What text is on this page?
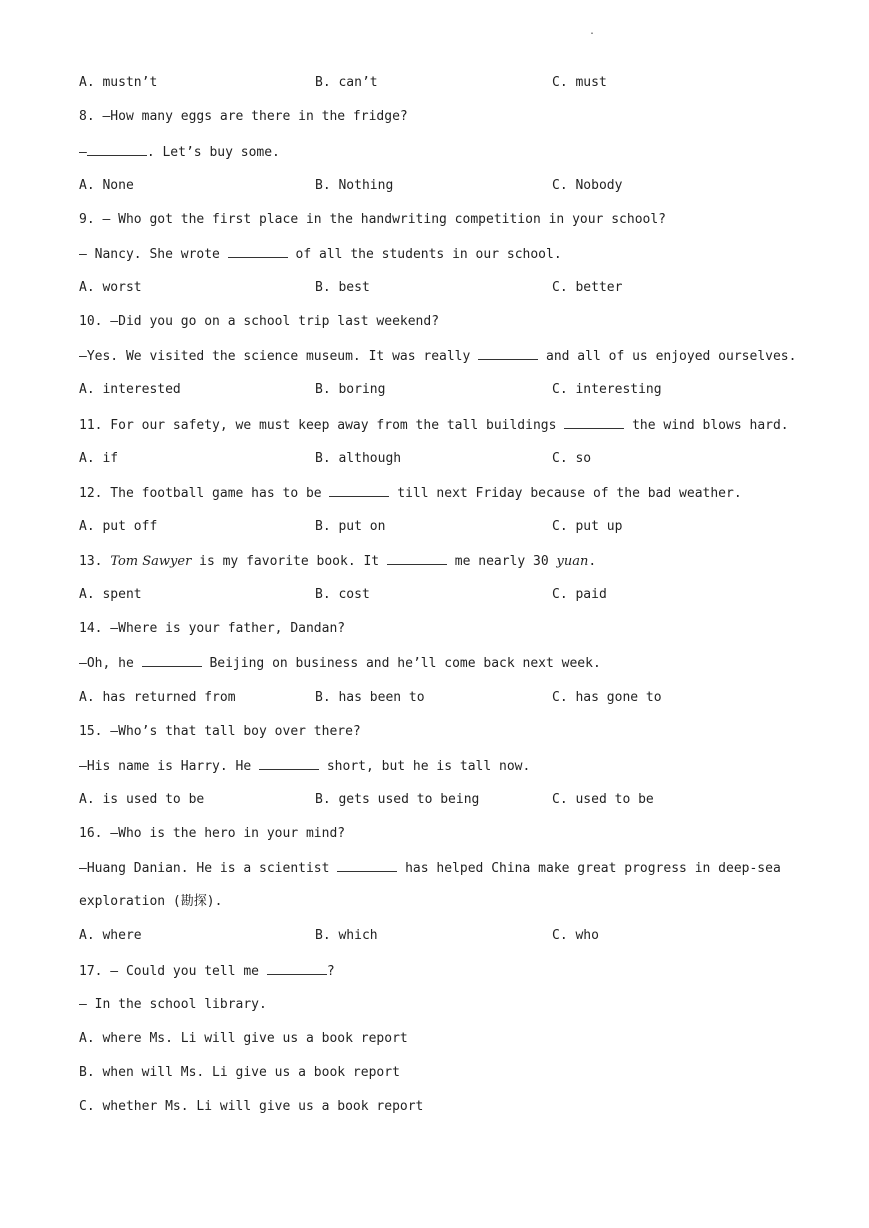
.
A. mustn’t	B. can’t	C. must
8. —How many eggs are there in the fridge?
—	. Let’s buy some.
A. None	B. Nothing	C. Nobody
9. — Who got the first place in the handwriting competition in your school?
— Nancy. She wrote	of all the students in our school.
A. worst	B. best	C. better
10. —Did you go on a school trip last weekend?
—Yes. We visited the science museum. It was really	and all of us enjoyed ourselves.
A. interested	B. boring	C. interesting
11. For our safety, we must keep away from the tall buildings	the wind blows hard.
A. if	B. although	C. so
12. The football game has to be	till next Friday because of the bad weather.
A. put off	B. put on	C. put up
13. Tom Sawyer is my favorite book. It	me nearly 30 yuan.
A. spent	B. cost	C. paid
14. —Where is your father, Dandan?
—Oh, he	Beijing on business and he’ll come back next week.
A. has returned from	B. has been to	C. has gone to
15. —Who’s that tall boy over there?
—His name is Harry. He	short, but he is tall now.
A. is used to be	B. gets used to being	C. used to be
16. —Who is the hero in your mind?
—Huang Danian. He is a scientist	has helped China make great progress in deep-sea
exploration (勘探).
A. where	B. which	C. who
17. — Could you tell me	?
— In the school library.
A. where Ms. Li will give us a book report
B. when will Ms. Li give us a book report
C. whether Ms. Li will give us a book report
